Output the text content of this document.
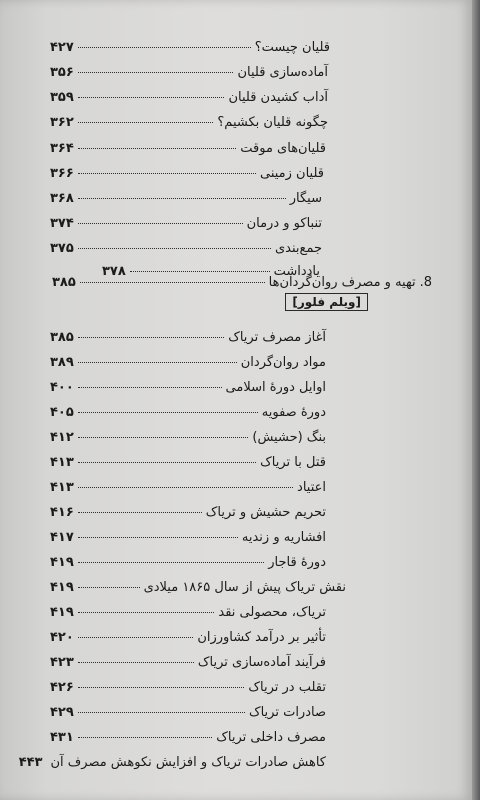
قلیان چیست؟
۴۲۷
آماده‌سازی قلیان
۳۵۶
آداب کشیدن قلیان
۳۵۹
چگونه قلیان بکشیم؟
۳۶۲
قلیان‌های موقت
۳۶۴
قلیان زمینی
۳۶۶
سیگار
۳۶۸
تنباکو و درمان
۳۷۴
جمع‌بندی
۳۷۵
یادداشت
۳۷۸
8.
تهیه و مصرف روان‌گردان‌ها
۳۸۵
[ویلم فلور]
آغاز مصرف تریاک
۳۸۵
مواد روان‌گردان
۳۸۹
اوایل دورهٔ اسلامی
۴۰۰
دورهٔ صفویه
۴۰۵
بنگ (حشیش)
۴۱۲
قتل با تریاک
۴۱۳
اعتیاد
۴۱۳
تحریم حشیش و تریاک
۴۱۶
افشاریه و زندیه
۴۱۷
دورهٔ قاجار
۴۱۹
نقش تریاک پیش از سال ۱۸۶۵ میلادی
۴۱۹
تریاک، محصولی نقد
۴۱۹
تأثیر بر درآمد کشاورزان
۴۲۰
فرآیند آماده‌سازی تریاک
۴۲۳
تقلب در تریاک
۴۲۶
صادرات تریاک
۴۲۹
مصرف داخلی تریاک
۴۳۱
کاهش صادرات تریاک و افزایش نکوهش مصرف آن
۴۴۳
